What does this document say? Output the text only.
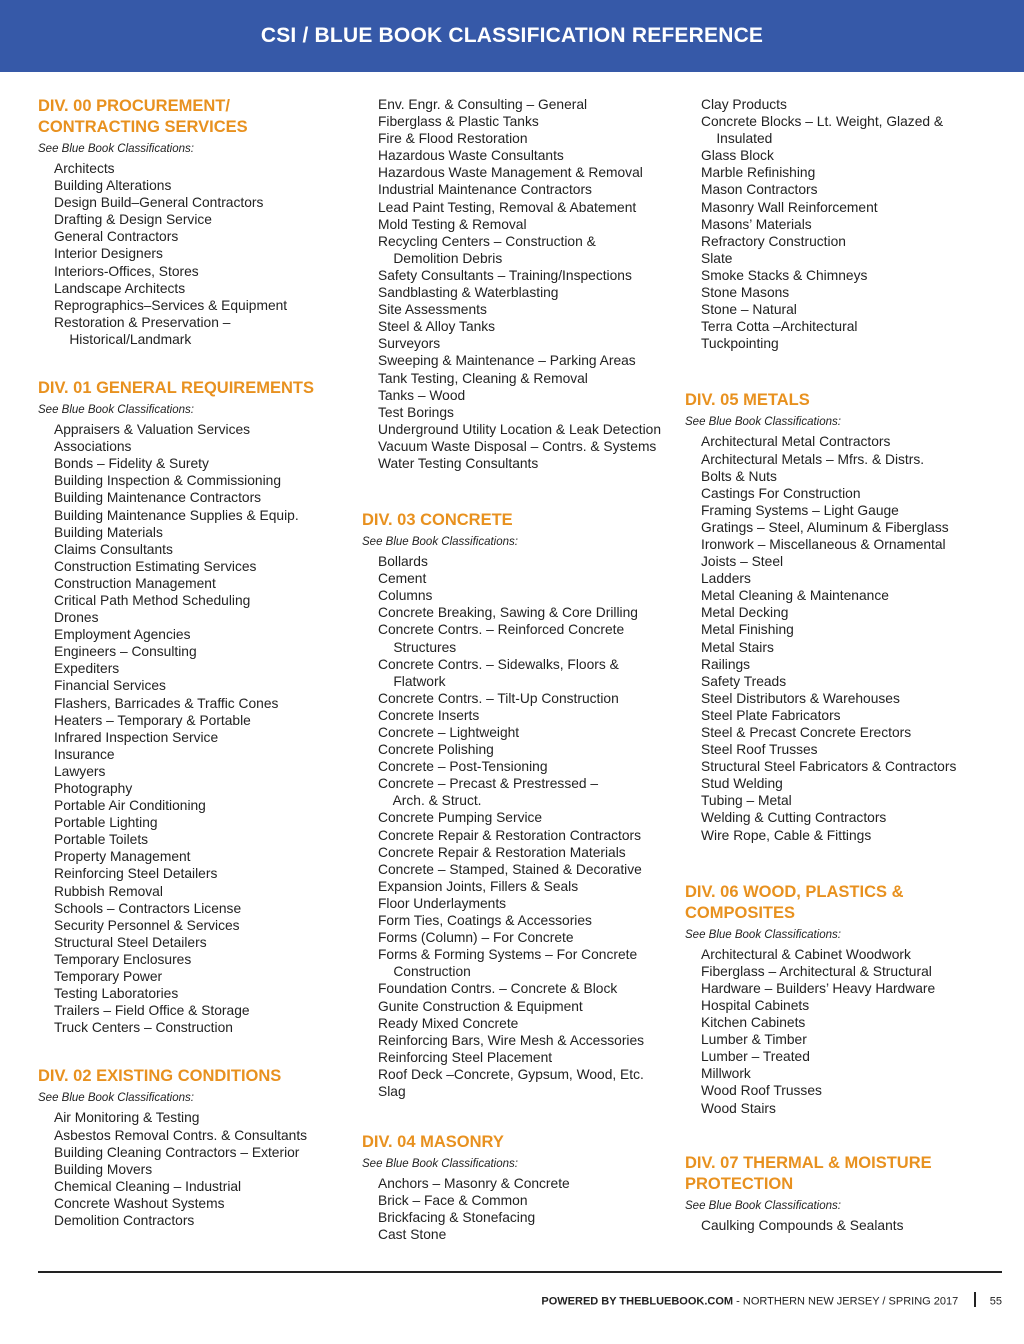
CSI / BLUE BOOK CLASSIFICATION REFERENCE
DIV. 00 PROCUREMENT/
CONTRACTING SERVICES
See Blue Book Classifications:
Architects
Building Alterations
Design Build–General Contractors
Drafting & Design Service
General Contractors
Interior Designers
Interiors-Offices, Stores
Landscape Architects
Reprographics–Services & Equipment
Restoration & Preservation –
Historical/Landmark
DIV. 01 GENERAL REQUIREMENTS
See Blue Book Classifications:
Appraisers & Valuation Services
Associations
Bonds – Fidelity & Surety
Building Inspection & Commissioning
Building Maintenance Contractors
Building Maintenance Supplies & Equip.
Building Materials
Claims Consultants
Construction Estimating Services
Construction Management
Critical Path Method Scheduling
Drones
Employment Agencies
Engineers – Consulting
Expediters
Financial Services
Flashers, Barricades & Traffic Cones
Heaters – Temporary & Portable
Infrared Inspection Service
Insurance
Lawyers
Photography
Portable Air Conditioning
Portable Lighting
Portable Toilets
Property Management
Reinforcing Steel Detailers
Rubbish Removal
Schools – Contractors License
Security Personnel & Services
Structural Steel Detailers
Temporary Enclosures
Temporary Power
Testing Laboratories
Trailers – Field Office & Storage
Truck Centers – Construction
DIV. 02 EXISTING CONDITIONS
See Blue Book Classifications:
Air Monitoring & Testing
Asbestos Removal Contrs. & Consultants
Building Cleaning Contractors – Exterior
Building Movers
Chemical Cleaning – Industrial
Concrete Washout Systems
Demolition Contractors
Env. Engr. & Consulting – General
Fiberglass & Plastic Tanks
Fire & Flood Restoration
Hazardous Waste Consultants
Hazardous Waste Management & Removal
Industrial Maintenance Contractors
Lead Paint Testing, Removal & Abatement
Mold Testing & Removal
Recycling Centers – Construction &
Demolition Debris
Safety Consultants – Training/Inspections
Sandblasting & Waterblasting
Site Assessments
Steel & Alloy Tanks
Surveyors
Sweeping & Maintenance – Parking Areas
Tank Testing, Cleaning & Removal
Tanks – Wood
Test Borings
Underground Utility Location & Leak Detection
Vacuum Waste Disposal – Contrs. & Systems
Water Testing Consultants
DIV. 03 CONCRETE
See Blue Book Classifications:
Bollards
Cement
Columns
Concrete Breaking, Sawing & Core Drilling
Concrete Contrs. – Reinforced Concrete
Structures
Concrete Contrs. – Sidewalks, Floors &
Flatwork
Concrete Contrs. – Tilt-Up Construction
Concrete Inserts
Concrete – Lightweight
Concrete Polishing
Concrete – Post-Tensioning
Concrete – Precast & Prestressed –
Arch. & Struct.
Concrete Pumping Service
Concrete Repair & Restoration Contractors
Concrete Repair & Restoration Materials
Concrete – Stamped, Stained & Decorative
Expansion Joints, Fillers & Seals
Floor Underlayments
Form Ties, Coatings & Accessories
Forms (Column) – For Concrete
Forms & Forming Systems – For Concrete
Construction
Foundation Contrs. – Concrete & Block
Gunite Construction & Equipment
Ready Mixed Concrete
Reinforcing Bars, Wire Mesh & Accessories
Reinforcing Steel Placement
Roof Deck –Concrete, Gypsum, Wood, Etc.
Slag
DIV. 04 MASONRY
See Blue Book Classifications:
Anchors – Masonry & Concrete
Brick – Face & Common
Brickfacing & Stonefacing
Cast Stone
Clay Products
Concrete Blocks – Lt. Weight, Glazed &
Insulated
Glass Block
Marble Refinishing
Mason Contractors
Masonry Wall Reinforcement
Masons’ Materials
Refractory Construction
Slate
Smoke Stacks & Chimneys
Stone Masons
Stone – Natural
Terra Cotta –Architectural
Tuckpointing
DIV. 05 METALS
See Blue Book Classifications:
Architectural Metal Contractors
Architectural Metals – Mfrs. & Distrs.
Bolts & Nuts
Castings For Construction
Framing Systems – Light Gauge
Gratings – Steel, Aluminum & Fiberglass
Ironwork – Miscellaneous & Ornamental
Joists – Steel
Ladders
Metal Cleaning & Maintenance
Metal Decking
Metal Finishing
Metal Stairs
Railings
Safety Treads
Steel Distributors & Warehouses
Steel Plate Fabricators
Steel & Precast Concrete Erectors
Steel Roof Trusses
Structural Steel Fabricators & Contractors
Stud Welding
Tubing – Metal
Welding & Cutting Contractors
Wire Rope, Cable & Fittings
DIV. 06 WOOD, PLASTICS &
COMPOSITES
See Blue Book Classifications:
Architectural & Cabinet Woodwork
Fiberglass – Architectural & Structural
Hardware – Builders’ Heavy Hardware
Hospital Cabinets
Kitchen Cabinets
Lumber & Timber
Lumber – Treated
Millwork
Wood Roof Trusses
Wood Stairs
DIV. 07 THERMAL & MOISTURE
PROTECTION
See Blue Book Classifications:
Caulking Compounds & Sealants
POWERED BY THEBLUEBOOK.COM - NORTHERN NEW JERSEY / SPRING 2017	55
